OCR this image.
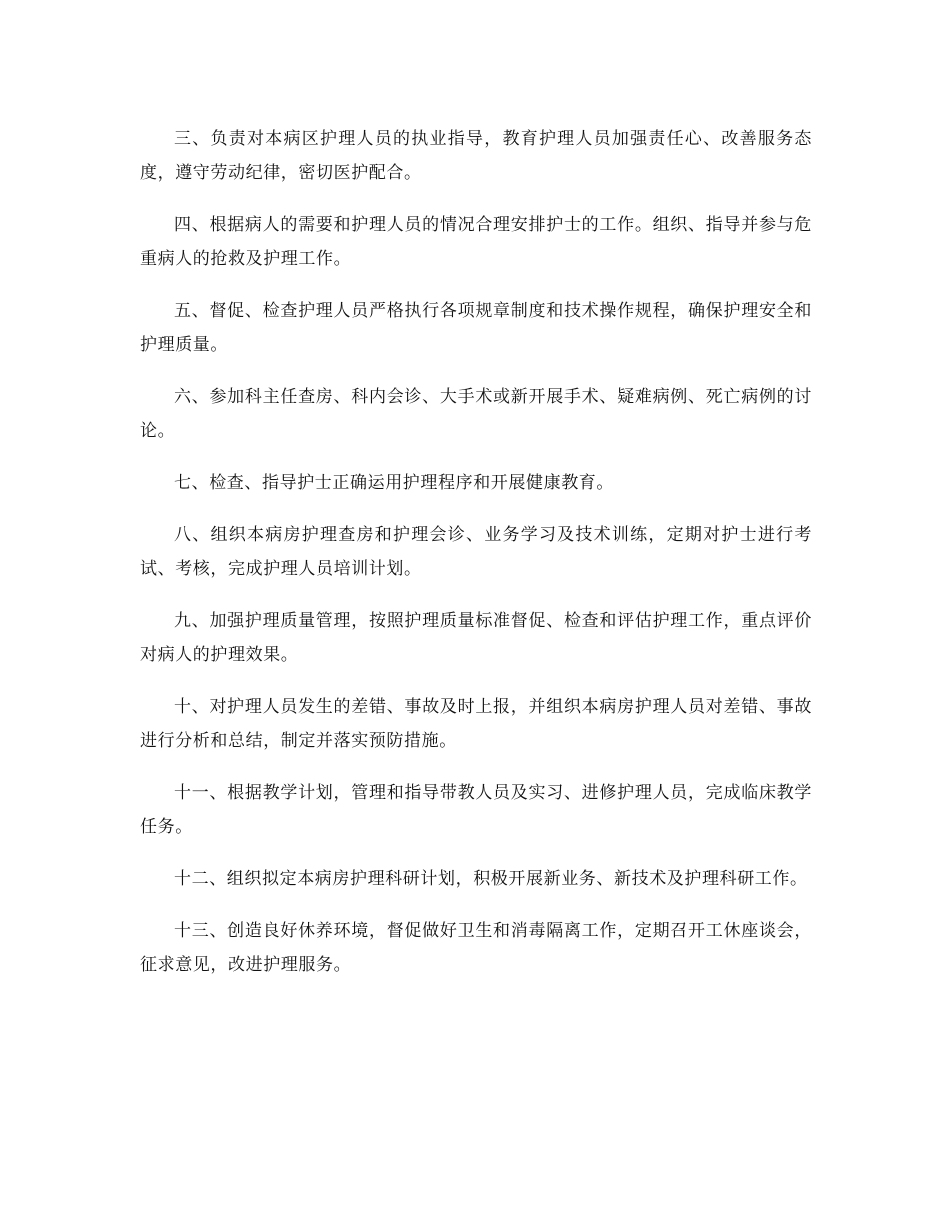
三、负责对本病区护理人员的执业指导，教育护理人员加强责任心、改善服务态度，遵守劳动纪律，密切医护配合。

四、根据病人的需要和护理人员的情况合理安排护士的工作。组织、指导并参与危重病人的抢救及护理工作。

五、督促、检查护理人员严格执行各项规章制度和技术操作规程，确保护理安全和护理质量。

六、参加科主任查房、科内会诊、大手术或新开展手术、疑难病例、死亡病例的讨论。

七、检查、指导护士正确运用护理程序和开展健康教育。

八、组织本病房护理查房和护理会诊、业务学习及技术训练，定期对护士进行考试、考核，完成护理人员培训计划。

九、加强护理质量管理，按照护理质量标准督促、检查和评估护理工作，重点评价对病人的护理效果。

十、对护理人员发生的差错、事故及时上报，并组织本病房护理人员对差错、事故进行分析和总结，制定并落实预防措施。

十一、根据教学计划，管理和指导带教人员及实习、进修护理人员，完成临床教学任务。

十二、组织拟定本病房护理科研计划，积极开展新业务、新技术及护理科研工作。

十三、创造良好休养环境，督促做好卫生和消毒隔离工作，定期召开工休座谈会，征求意见，改进护理服务。
